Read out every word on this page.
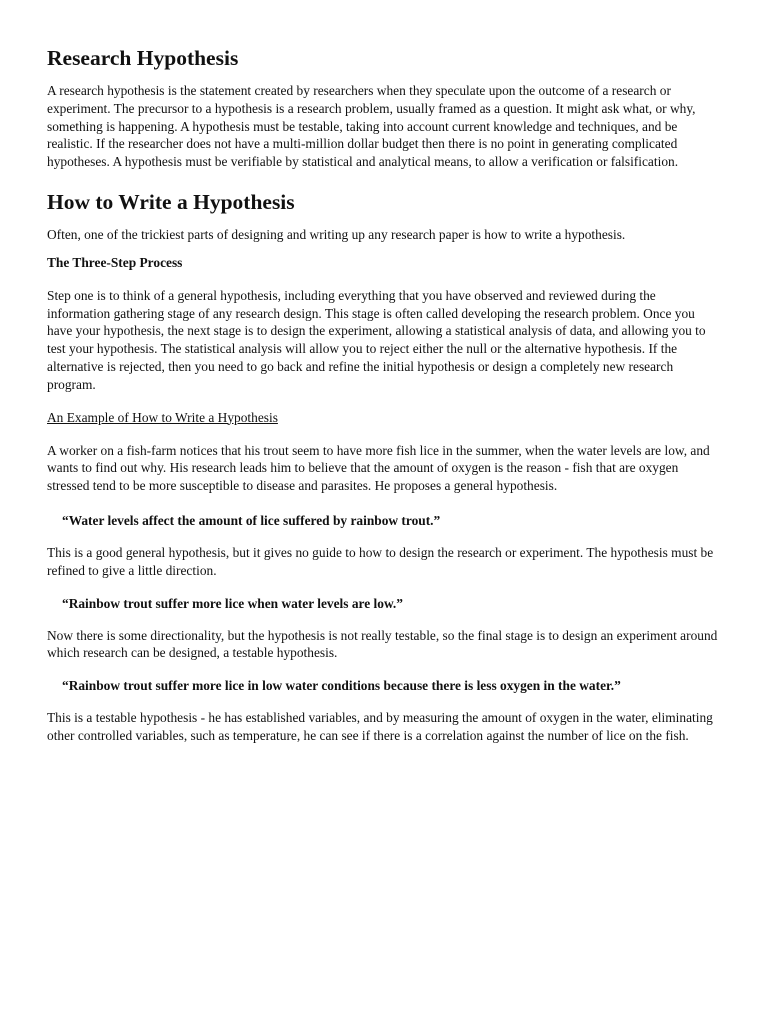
Research Hypothesis

A research hypothesis is the statement created by researchers when they speculate upon the outcome of a research or experiment. The precursor to a hypothesis is a research problem, usually framed as a question. It might ask what, or why, something is happening. A hypothesis must be testable, taking into account current knowledge and techniques, and be realistic. If the researcher does not have a multi-million dollar budget then there is no point in generating complicated hypotheses. A hypothesis must be verifiable by statistical and analytical means, to allow a verification or falsification.

How to Write a Hypothesis

Often, one of the trickiest parts of designing and writing up any research paper is how to write a hypothesis.

The Three-Step Process

Step one is to think of a general hypothesis, including everything that you have observed and reviewed during the information gathering stage of any research design. This stage is often called developing the research problem. Once you have your hypothesis, the next stage is to design the experiment, allowing a statistical analysis of data, and allowing you to test your hypothesis. The statistical analysis will allow you to reject either the null or the alternative hypothesis. If the alternative is rejected, then you need to go back and refine the initial hypothesis or design a completely new research program.

An Example of How to Write a Hypothesis

A worker on a fish-farm notices that his trout seem to have more fish lice in the summer, when the water levels are low, and wants to find out why. His research leads him to believe that the amount of oxygen is the reason - fish that are oxygen stressed tend to be more susceptible to disease and parasites. He proposes a general hypothesis.

“Water levels affect the amount of lice suffered by rainbow trout.”

This is a good general hypothesis, but it gives no guide to how to design the research or experiment. The hypothesis must be refined to give a little direction.

“Rainbow trout suffer more lice when water levels are low.”

Now there is some directionality, but the hypothesis is not really testable, so the final stage is to design an experiment around which research can be designed, a testable hypothesis.

“Rainbow trout suffer more lice in low water conditions because there is less oxygen in the water.”

This is a testable hypothesis - he has established variables, and by measuring the amount of oxygen in the water, eliminating other controlled variables, such as temperature, he can see if there is a correlation against the number of lice on the fish.
